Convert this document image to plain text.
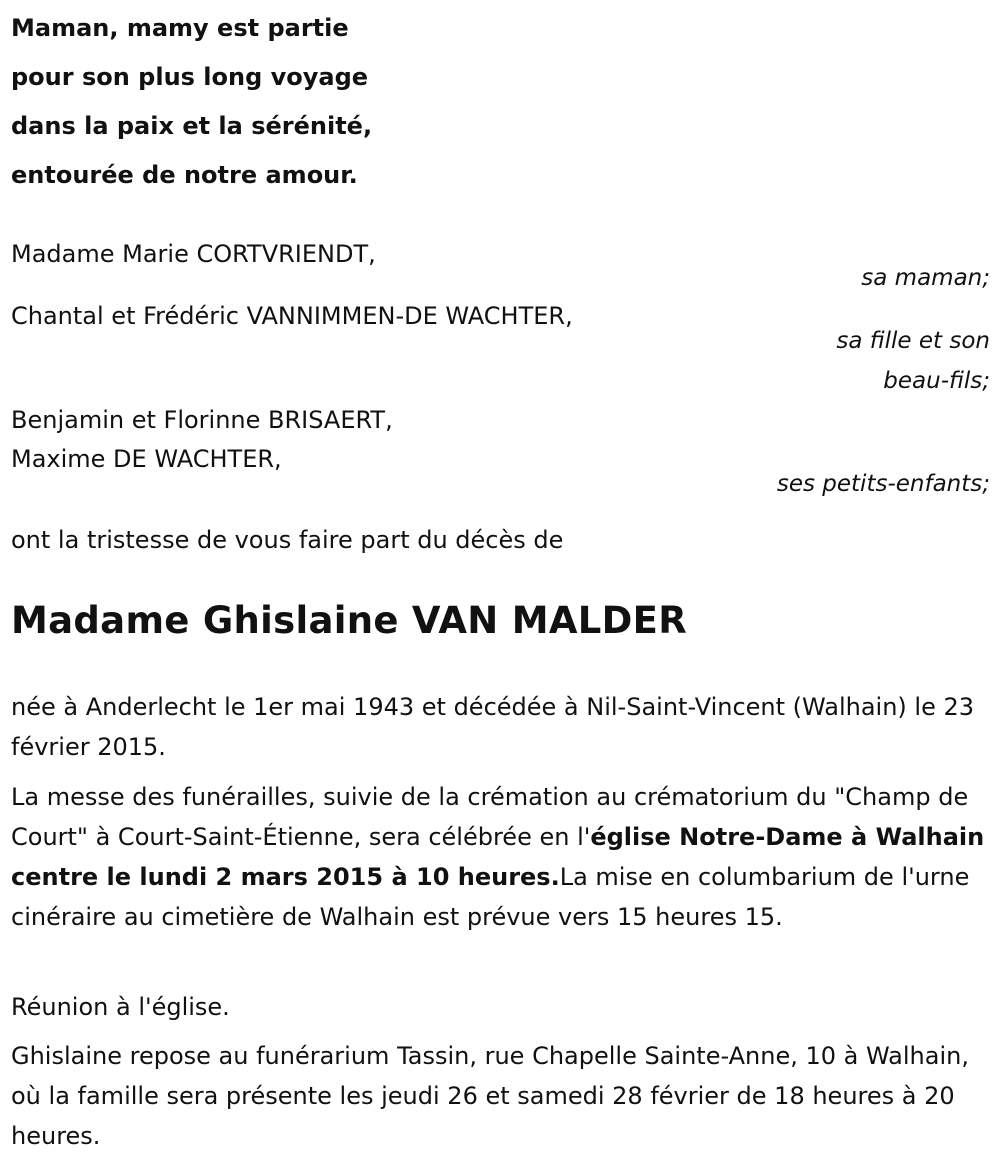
Maman, mamy est partie
pour son plus long voyage
dans la paix et la sérénité,
entourée de notre amour.
Madame Marie CORTVRIENDT,
sa maman;
Chantal et Frédéric VANNIMMEN-DE WACHTER,
sa fille et son
beau-fils;
Benjamin et Florinne BRISAERT,
Maxime DE WACHTER,
ses petits-enfants;
ont la tristesse de vous faire part du décès de
Madame Ghislaine VAN MALDER

née à Anderlecht le 1er mai 1943 et décédée à Nil-Saint-Vincent (Walhain) le 23 février 2015.

La messe des funérailles, suivie de la crémation au crématorium du "Champ de Court" à Court-Saint-Étienne, sera célébrée en l'église Notre-Dame à Walhain centre le lundi 2 mars 2015 à 10 heures.La mise en columbarium de l'urne cinéraire au cimetière de Walhain est prévue vers 15 heures 15.

Réunion à l'église.

Ghislaine repose au funérarium Tassin, rue Chapelle Sainte-Anne, 10 à Walhain, où la famille sera présente les jeudi 26 et samedi 28 février de 18 heures à 20 heures.
